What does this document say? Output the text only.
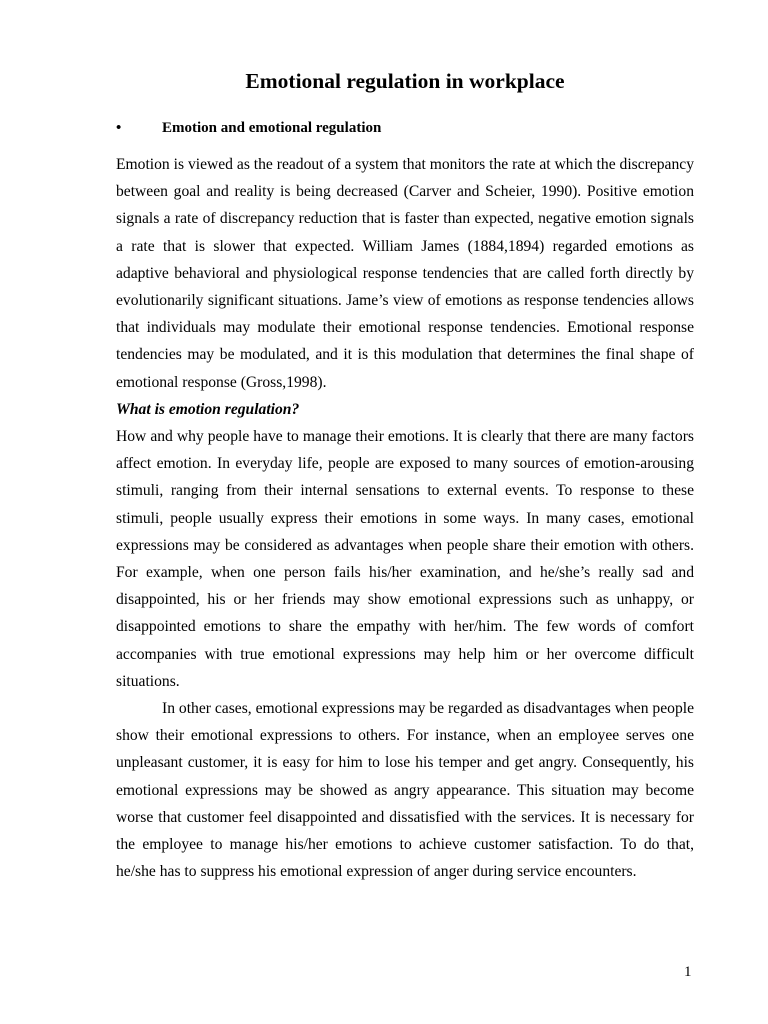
Emotional regulation in workplace
•	Emotion and emotional regulation

Emotion is viewed as the readout of a system that monitors the rate at which the discrepancy between goal and reality is being decreased (Carver and Scheier, 1990). Positive emotion signals a rate of discrepancy reduction that is faster than expected, negative emotion signals a rate that is slower that expected. William James (1884,1894) regarded emotions as adaptive behavioral and physiological response tendencies that are called forth directly by evolutionarily significant situations. Jame’s view of emotions as response tendencies allows that individuals may modulate their emotional response tendencies. Emotional response tendencies may be modulated, and it is this modulation that determines the final shape of emotional response (Gross,1998).

What is emotion regulation?

How and why people have to manage their emotions. It is clearly that there are many factors affect emotion. In everyday life, people are exposed to many sources of emotion-arousing stimuli, ranging from their internal sensations to external events. To response to these stimuli, people usually express their emotions in some ways. In many cases, emotional expressions may be considered as advantages when people share their emotion with others. For example, when one person fails his/her examination, and he/she’s really sad and disappointed, his or her friends may show emotional expressions such as unhappy, or disappointed emotions to share the empathy with her/him. The few words of comfort accompanies with true emotional expressions may help him or her overcome difficult situations.

In other cases, emotional expressions may be regarded as disadvantages when people show their emotional expressions to others. For instance, when an employee serves one unpleasant customer, it is easy for him to lose his temper and get angry. Consequently, his emotional expressions may be showed as angry appearance. This situation may become worse that customer feel disappointed and dissatisfied with the services. It is necessary for the employee to manage his/her emotions to achieve customer satisfaction. To do that, he/she has to suppress his emotional expression of anger during service encounters.

1
